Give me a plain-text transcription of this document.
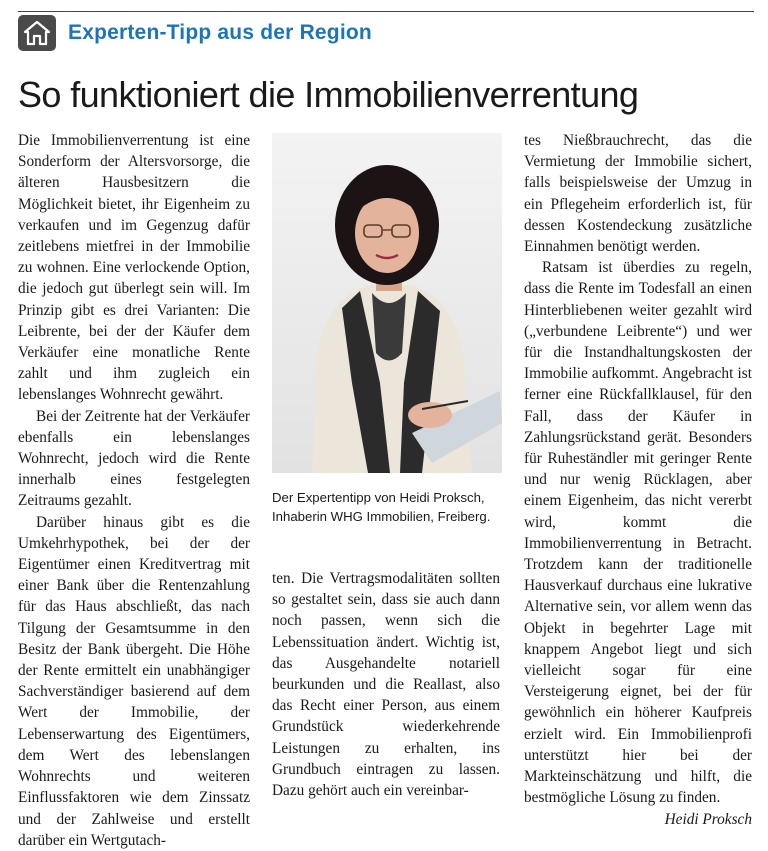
Experten-Tipp aus der Region
So funktioniert die Immobilienverrentung

Die Immobilienverrentung ist eine Sonderform der Altersvorsorge, die älteren Hausbesitzern die Möglichkeit bietet, ihr Eigenheim zu verkaufen und im Gegenzug dafür zeitlebens mietfrei in der Immobilie zu wohnen. Eine verlockende Option, die jedoch gut überlegt sein will. Im Prinzip gibt es drei Varianten: Die Leibrente, bei der der Käufer dem Verkäufer eine monatliche Rente zahlt und ihm zugleich ein lebenslanges Wohnrecht gewährt.

Bei der Zeitrente hat der Verkäufer ebenfalls ein lebenslanges Wohnrecht, jedoch wird die Rente innerhalb eines festgelegten Zeitraums gezahlt.

Darüber hinaus gibt es die Umkehrhypothek, bei der der Eigentümer einen Kreditvertrag mit einer Bank über die Rentenzahlung für das Haus abschließt, das nach Tilgung der Gesamtsumme in den Besitz der Bank übergeht. Die Höhe der Rente ermittelt ein unabhängiger Sachverständiger basierend auf dem Wert der Immobilie, der Lebenserwartung des Eigentümers, dem Wert des lebenslangen Wohnrechts und weiteren Einflussfaktoren wie dem Zinssatz und der Zahlweise und erstellt darüber ein Wertgutach-

Der Expertentipp von Heidi Proksch, Inhaberin WHG Immobilien, Freiberg.

ten. Die Vertragsmodalitäten sollten so gestaltet sein, dass sie auch dann noch passen, wenn sich die Lebenssituation ändert. Wichtig ist, das Ausgehandelte notariell beurkunden und die Reallast, also das Recht einer Person, aus einem Grundstück wiederkehrende Leistungen zu erhalten, ins Grundbuch eintragen zu lassen. Dazu gehört auch ein vereinbar-

tes Nießbrauchrecht, das die Vermietung der Immobilie sichert, falls beispielsweise der Umzug in ein Pflegeheim erforderlich ist, für dessen Kostendeckung zusätzliche Einnahmen benötigt werden.

Ratsam ist überdies zu regeln, dass die Rente im Todesfall an einen Hinterbliebenen weiter gezahlt wird („verbundene Leibrente“) und wer für die Instandhaltungskosten der Immobilie aufkommt. Angebracht ist ferner eine Rückfallklausel, für den Fall, dass der Käufer in Zahlungsrückstand gerät. Besonders für Ruheständler mit geringer Rente und nur wenig Rücklagen, aber einem Eigenheim, das nicht vererbt wird, kommt die Immobilienverrentung in Betracht. Trotzdem kann der traditionelle Hausverkauf durchaus eine lukrative Alternative sein, vor allem wenn das Objekt in begehrter Lage mit knappem Angebot liegt und sich vielleicht sogar für eine Versteigerung eignet, bei der für gewöhnlich ein höherer Kaufpreis erzielt wird. Ein Immobilienprofi unterstützt hier bei der Markteinschätzung und hilft, die bestmögliche Lösung zu finden.

Heidi Proksch
